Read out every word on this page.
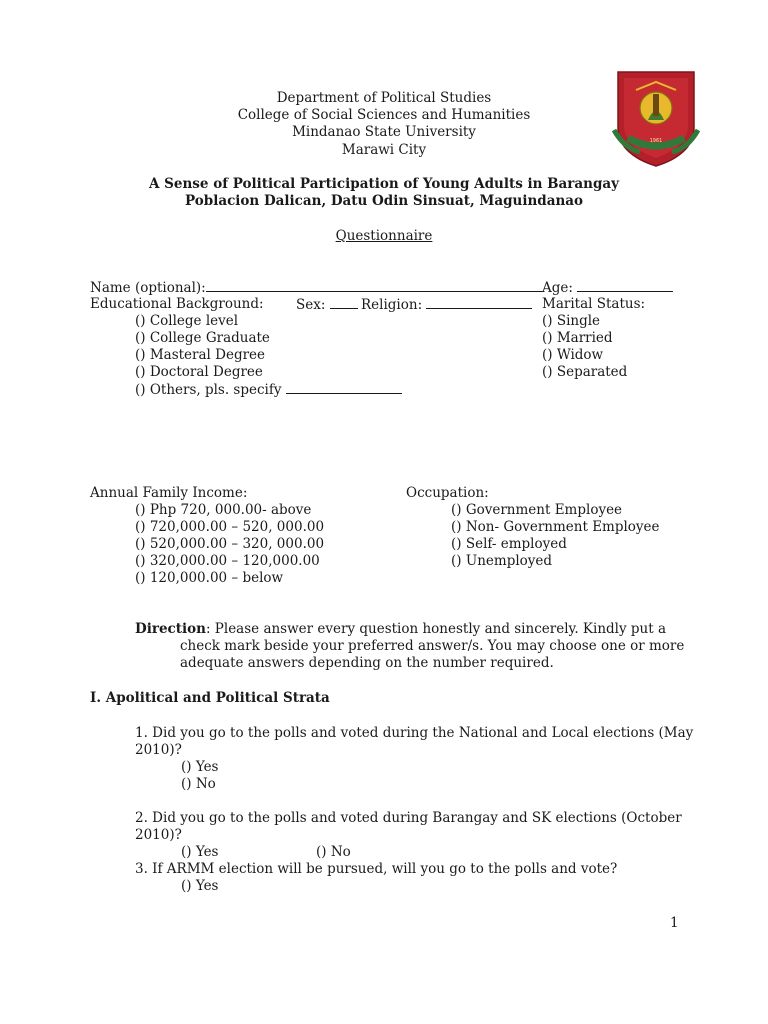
1961
Department of Political Studies
College of Social Sciences and Humanities
Mindanao State University
Marawi City
A Sense of Political Participation of Young Adults in Barangay
Poblacion Dalican, Datu Odin Sinsuat, Maguindanao
Questionnaire
Name (optional):	Age:
Educational Background: Sex:	Religion:	Marital Status:
() College level
() College Graduate
() Masteral Degree
() Doctoral Degree
() Others, pls. specify
() Single
() Married
() Widow
() Separated
Annual Family Income:
() Php 720, 000.00- above
() 720,000.00 – 520, 000.00
() 520,000.00 – 320, 000.00
() 320,000.00 – 120,000.00
() 120,000.00 – below
Occupation:
() Government Employee
() Non- Government Employee
() Self- employed
() Unemployed
Direction: Please answer every question honestly and sincerely. Kindly put a
check mark beside your preferred answer/s. You may choose one or more
adequate answers depending on the number required.
I. Apolitical and Political Strata
1. Did you go to the polls and voted during the National and Local elections (May
2010)?
() Yes
() No
2. Did you go to the polls and voted during Barangay and SK elections (October
2010)?
() Yes	() No
3. If ARMM election will be pursued, will you go to the polls and vote?
() Yes
1
